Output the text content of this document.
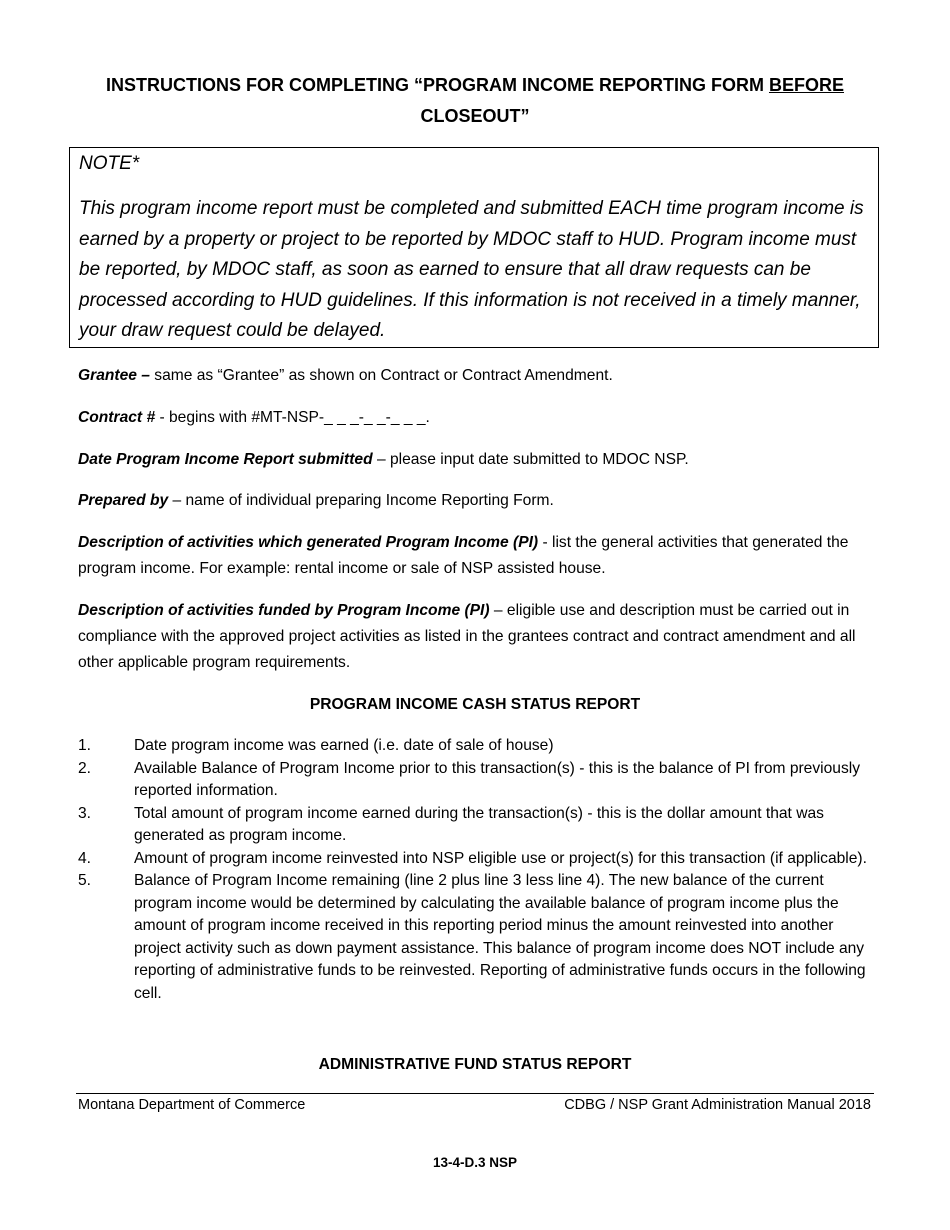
INSTRUCTIONS FOR COMPLETING “PROGRAM INCOME REPORTING FORM BEFORE
CLOSEOUT”
NOTE*
This program income report must be completed and submitted EACH time program income is earned by a property or project to be reported by MDOC staff to HUD. Program income must be reported, by MDOC staff, as soon as earned to ensure that all draw requests can be processed according to HUD guidelines. If this information is not received in a timely manner, your draw request could be delayed.
Grantee – same as “Grantee” as shown on Contract or Contract Amendment.
Contract # - begins with #MT-NSP-_ _ _-_ _-_ _ _.
Date Program Income Report submitted – please input date submitted to MDOC NSP.
Prepared by – name of individual preparing Income Reporting Form.
Description of activities which generated Program Income (PI) - list the general activities that generated the program income. For example: rental income or sale of NSP assisted house.
Description of activities funded by Program Income (PI) – eligible use and description must be carried out in compliance with the approved project activities as listed in the grantees contract and contract amendment and all other applicable program requirements.
PROGRAM INCOME CASH STATUS REPORT
1.	Date program income was earned (i.e. date of sale of house)
2.	Available Balance of Program Income prior to this transaction(s) - this is the balance of PI from previously reported information.
3.	Total amount of program income earned during the transaction(s) - this is the dollar amount that was generated as program income.
4.	Amount of program income reinvested into NSP eligible use or project(s) for this transaction (if applicable).
5.	Balance of Program Income remaining (line 2 plus line 3 less line 4). The new balance of the current program income would be determined by calculating the available balance of program income plus the amount of program income received in this reporting period minus the amount reinvested into another project activity such as down payment assistance. This balance of program income does NOT include any reporting of administrative funds to be reinvested. Reporting of administrative funds occurs in the following cell.
ADMINISTRATIVE FUND STATUS REPORT
Montana Department of Commerce	CDBG / NSP Grant Administration Manual 2018
13-4-D.3 NSP
